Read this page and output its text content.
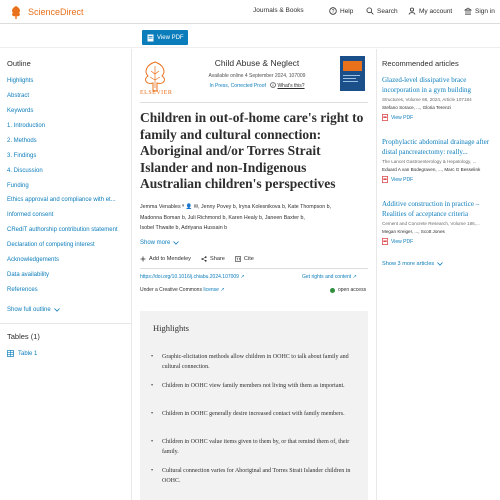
ScienceDirect	Journals & Books	? Help	Search	My account	Sign in
View PDF
Outline
Highlights
Abstract
Keywords
1. Introduction
2. Methods
3. Findings
4. Discussion
Funding
Ethics approval and compliance with et...
Informed consent
CRediT authorship contribution statement
Declaration of competing interest
Acknowledgements
Data availability
References
Show full outline
Tables (1)
Table 1
ELSEVIER
Child Abuse & Neglect
Available online 4 September 2024, 107009
In Press, Corrected Proof What's this?
Children in out-of-home care's right to family and cultural connection: Aboriginal and/or Torres Strait Islander and non-Indigenous Australian children's perspectives
Jemma Venables ª 👤 ✉, Jenny Povey b, Iryna Kolesnikova b, Kate Thompson b,
Madonna Boman b, Juli Richmond b, Karen Healy b, Janeen Baxter b,
Isobel Thwaite b, Adriyana Hussain b
Show more
Add to Mendeley	Share	Cite
https://doi.org/10.1016/j.chiabu.2024.107009 ↗	Get rights and content ↗
Under a Creative Commons license ↗	open access
Highlights
• Graphic-elicitation methods allow children in OOHC to talk about family and cultural connection.
• Children in OOHC view family members not living with them as important.
• Children in OOHC generally desire increased contact with family members.
• Children in OOHC value items given to them by, or that remind them of, their family.
• Cultural connection varies for Aboriginal and Torres Strait Islander children in OOHC.
Recommended articles
Glazed-level dissipative brace incorporation in a gym building
Structures, Volume 68, 2024, Article 107184
Stefano Sorace, ..., Gloria Terenzi
View PDF
Prophylactic abdominal drainage after distal pancreatectomy: really...
The Lancet Gastroenterology & Hepatology, ...
Eduard A van Bodegraven, ..., Marc G Besselink
View PDF
Additive construction in practice – Realities of acceptance criteria
Cement and Concrete Research, Volume 186,...
Megan Kreiger, ..., Scott Jones
View PDF
Show 3 more articles
